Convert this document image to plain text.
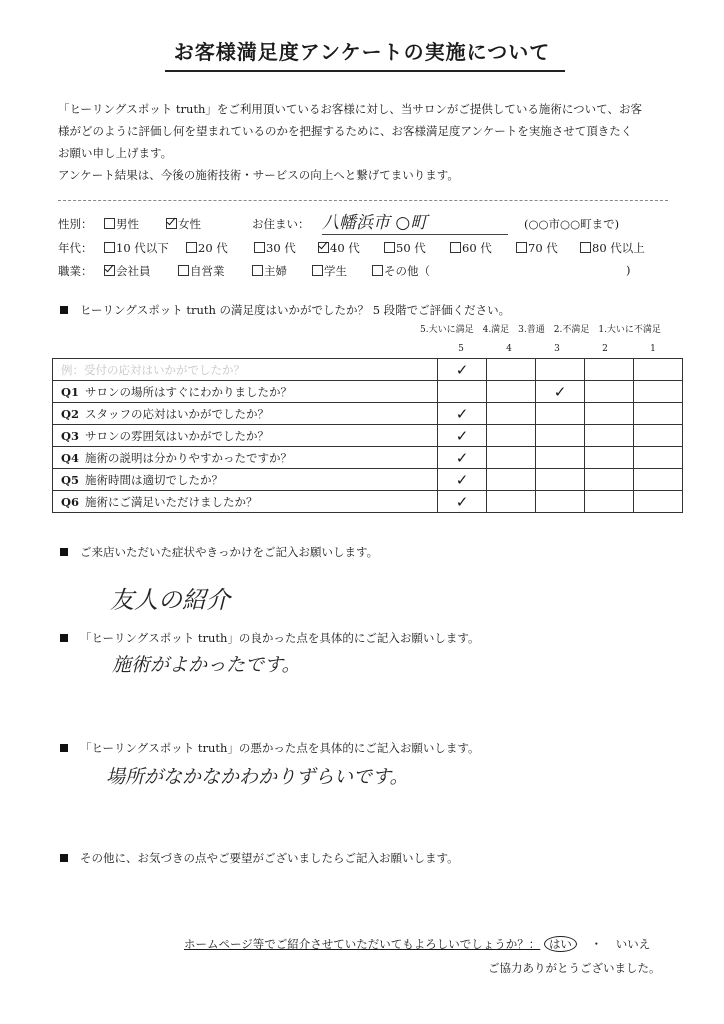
お客様満足度アンケートの実施について

「ヒーリングスポット truth」をご利用頂いているお客様に対し、当サロンがご提供している施術について、お客

様がどのように評価し何を望まれているのかを把握するために、お客様満足度アンケートを実施させて頂きたく

お願い申し上げます。

アンケート結果は、今後の施術技術・サービスの向上へと繋げてまいります。

性別：	男性	女性	お住まい： 八幡浜市 ○町	(○○市○○町まで)
年代：	10 代以下	20 代	30 代	40 代	50 代	60 代	70 代	80 代以上
職業：	会社員	自営業	主婦	学生	その他（	)
ヒーリングスポット truth の満足度はいかがでしたか？ 5 段階でご評価ください。
5.大いに満足　4.満足　3.普通　2.不満足　1.大いに不満足
5	4	3	2	1
例：受付の応対はいかがでしたか？	✓				
Q1 サロンの場所はすぐにわかりましたか？			✓		
Q2 スタッフの応対はいかがでしたか？	✓				
Q3 サロンの雰囲気はいかがでしたか？	✓				
Q4 施術の説明は分かりやすかったですか？	✓				
Q5 施術時間は適切でしたか？	✓				
Q6 施術にご満足いただけましたか？	✓				
ご来店いただいた症状やきっかけをご記入お願いします。
友人の紹介
「ヒーリングスポット truth」の良かった点を具体的にご記入お願いします。
施術がよかったです。
「ヒーリングスポット truth」の悪かった点を具体的にご記入お願いします。
場所がなかなかわかりずらいです。
その他に、お気づきの点やご要望がございましたらご記入お願いします。
ホームページ等でご紹介させていただいてもよろしいでしょうか？： はい ・ いいえ
ご協力ありがとうございました。
